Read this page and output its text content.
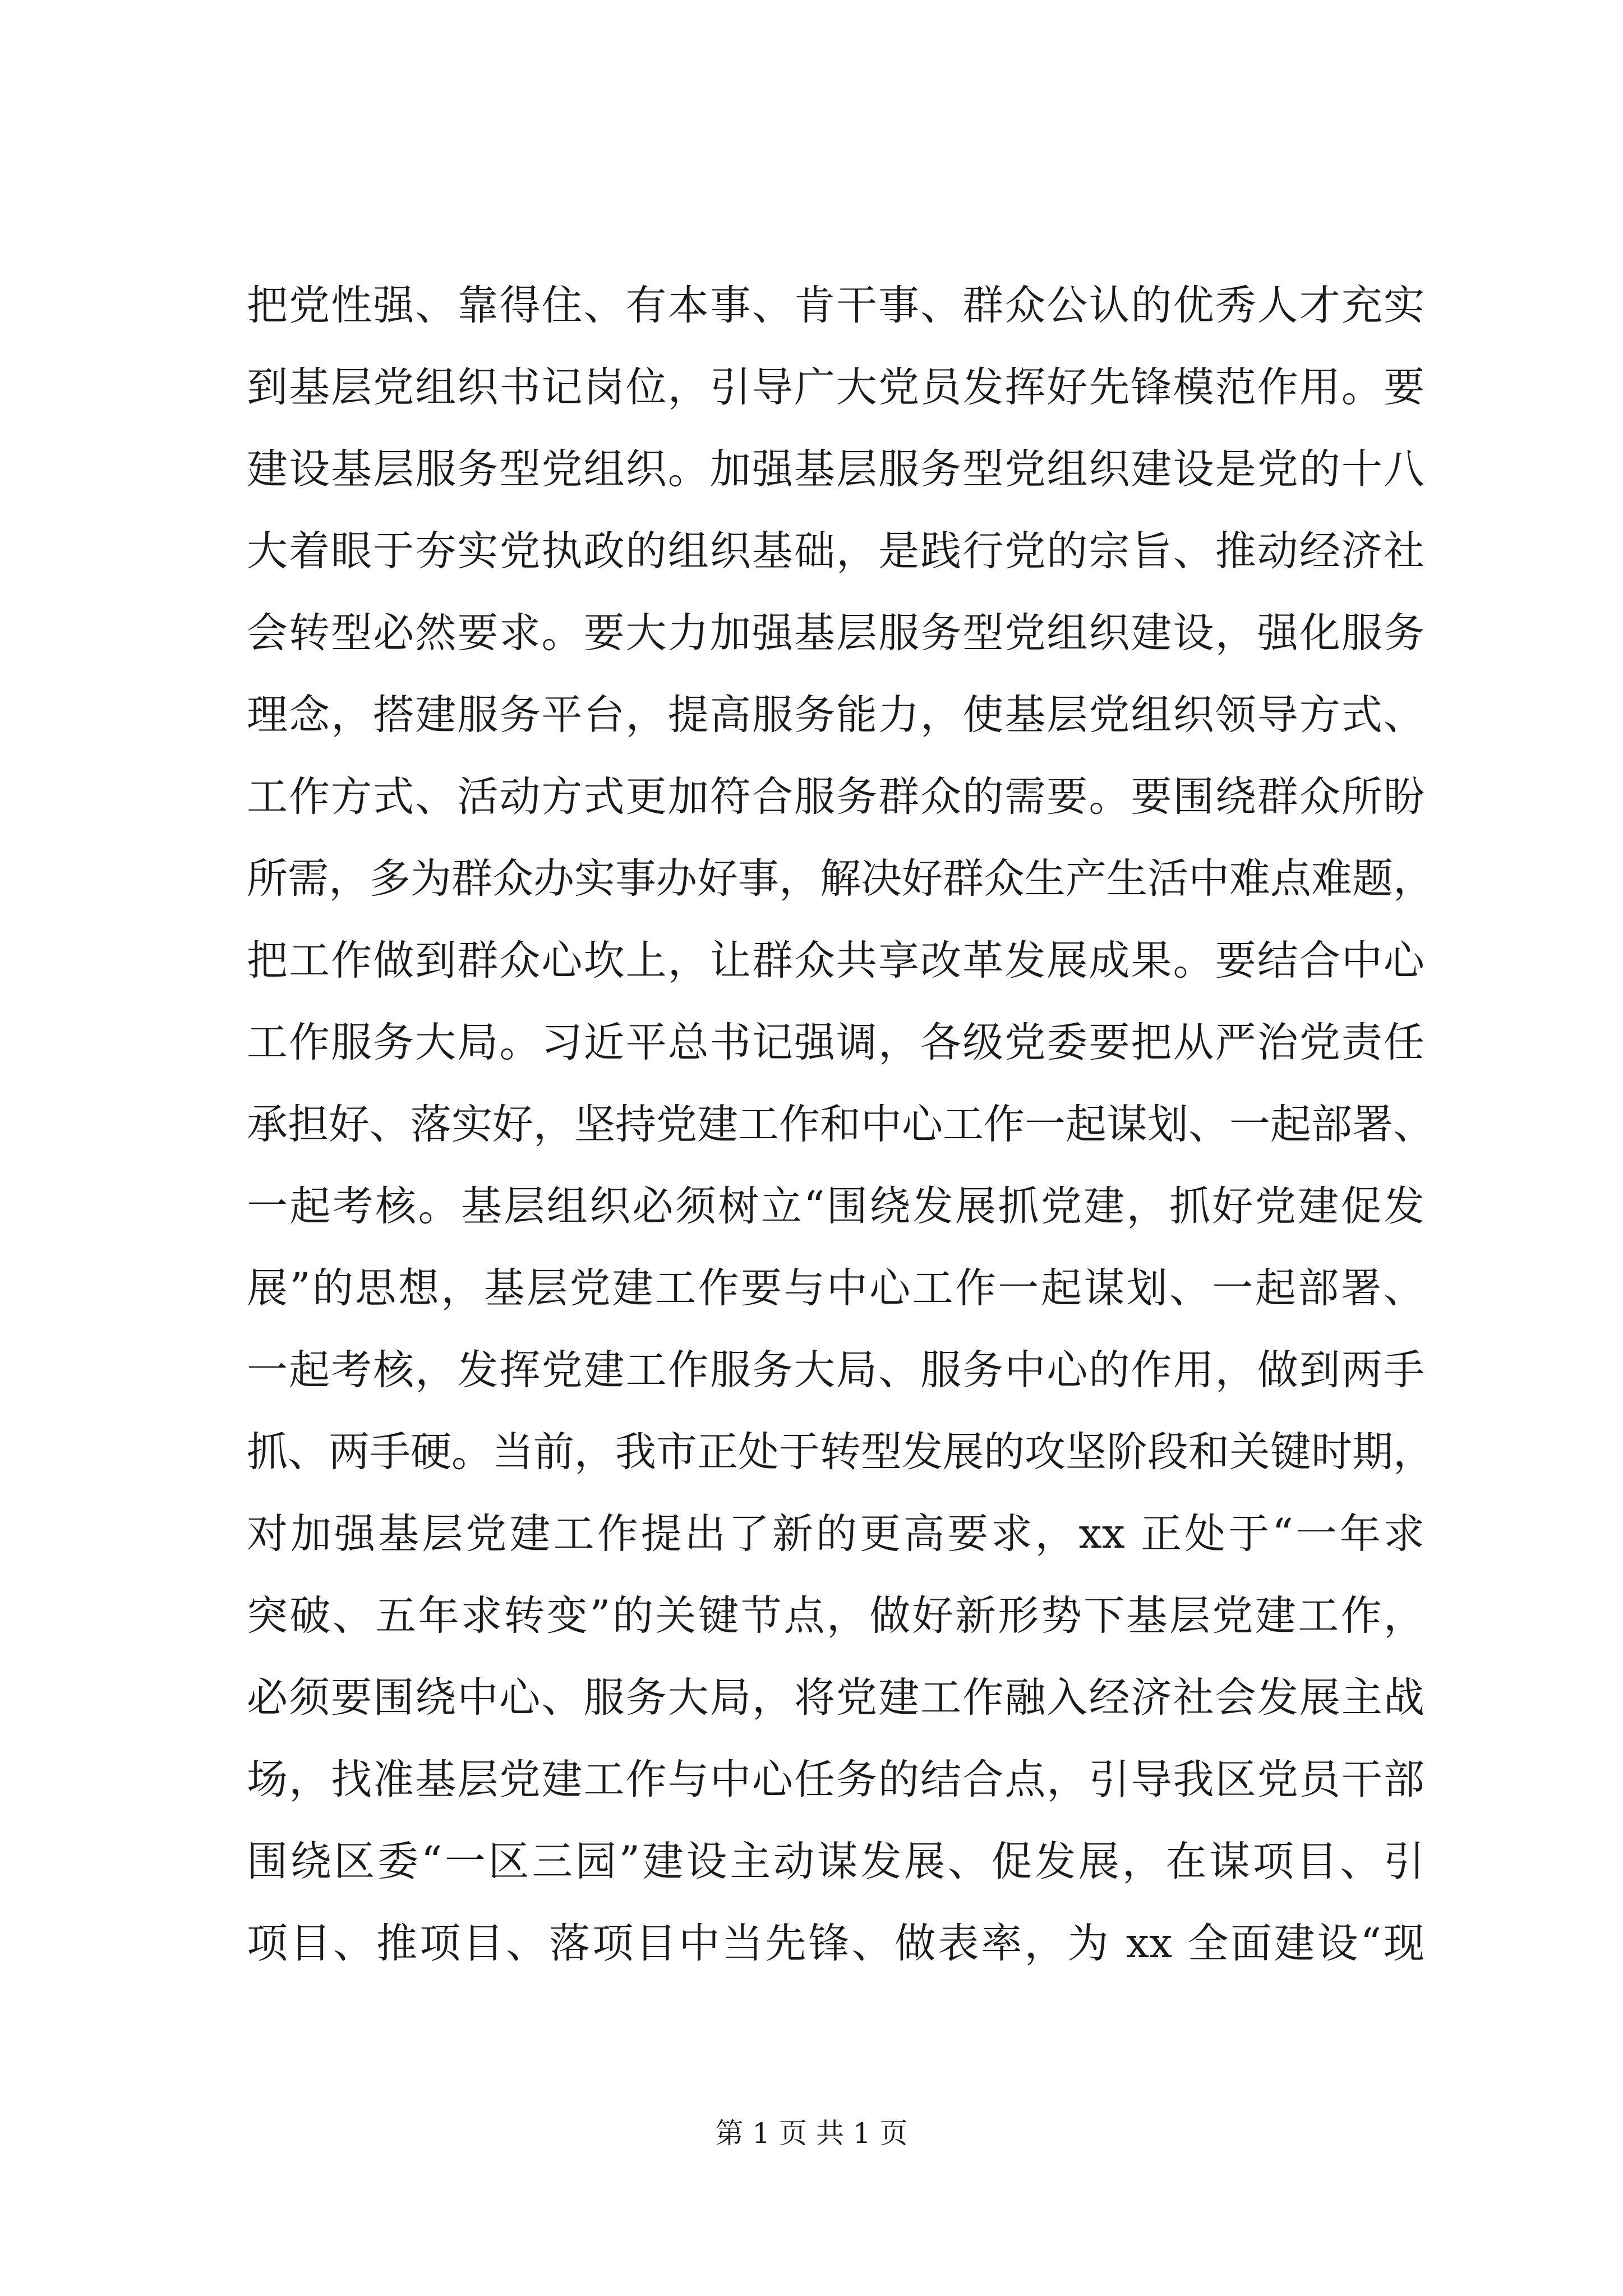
把党性强、靠得住、有本事、肯干事、群众公认的优秀人才充实
到基层党组织书记岗位，引导广大党员发挥好先锋模范作用。要
建设基层服务型党组织。加强基层服务型党组织建设是党的十八
大着眼于夯实党执政的组织基础，是践行党的宗旨、推动经济社
会转型必然要求。要大力加强基层服务型党组织建设，强化服务
理念，搭建服务平台，提高服务能力，使基层党组织领导方式、
工作方式、活动方式更加符合服务群众的需要。要围绕群众所盼
所需，多为群众办实事办好事，解决好群众生产生活中难点难题，
把工作做到群众心坎上，让群众共享改革发展成果。要结合中心
工作服务大局。习近平总书记强调，各级党委要把从严治党责任
承担好、落实好，坚持党建工作和中心工作一起谋划、一起部署、
一起考核。基层组织必须树立“围绕发展抓党建，抓好党建促发
展”的思想，基层党建工作要与中心工作一起谋划、一起部署、
一起考核，发挥党建工作服务大局、服务中心的作用，做到两手
抓、两手硬。当前，我市正处于转型发展的攻坚阶段和关键时期，
对加强基层党建工作提出了新的更高要求，xx 正处于“一年求
突破、五年求转变”的关键节点，做好新形势下基层党建工作，
必须要围绕中心、服务大局，将党建工作融入经济社会发展主战
场，找准基层党建工作与中心任务的结合点，引导我区党员干部
围绕区委“一区三园”建设主动谋发展、促发展，在谋项目、引
项目、推项目、落项目中当先锋、做表率，为 xx 全面建设“现
第 1 页 共 1 页
